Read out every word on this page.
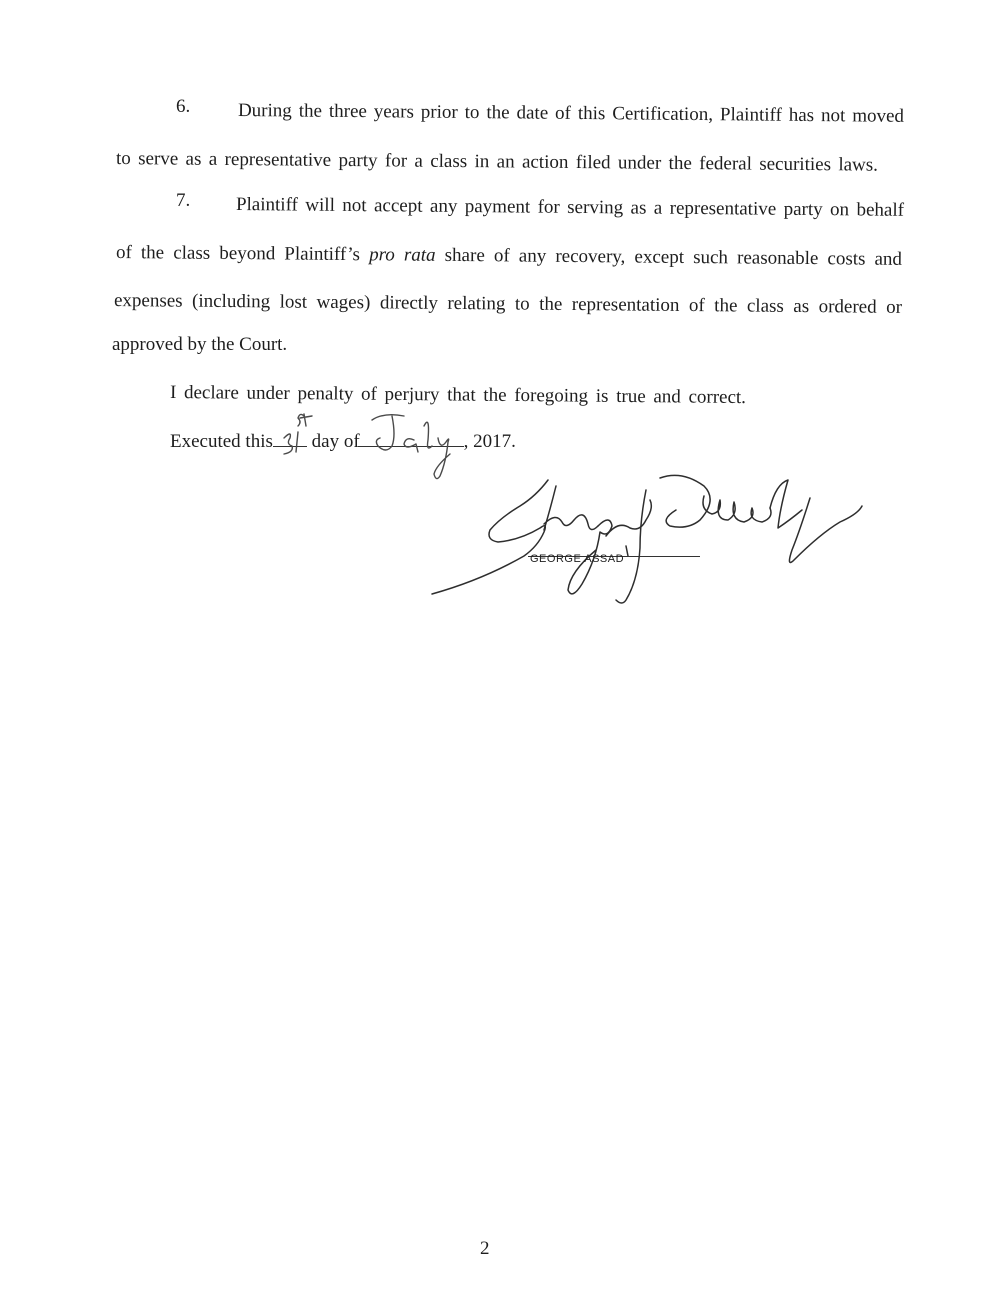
6.	During the three years prior to the date of this Certification, Plaintiff has not moved

to serve as a representative party for a class in an action filed under the federal securities laws.

7. Plaintiff will not accept any payment for serving as a representative party on behalf

of the class beyond Plaintiff’s pro rata share of any recovery, except such reasonable costs and

expenses (including lost wages) directly relating to the representation of the class as ordered or

approved by the Court.

I declare under penalty of perjury that the foregoing is true and correct.

Executed this day of	, 2017.

GEORGE ASSAD
2
